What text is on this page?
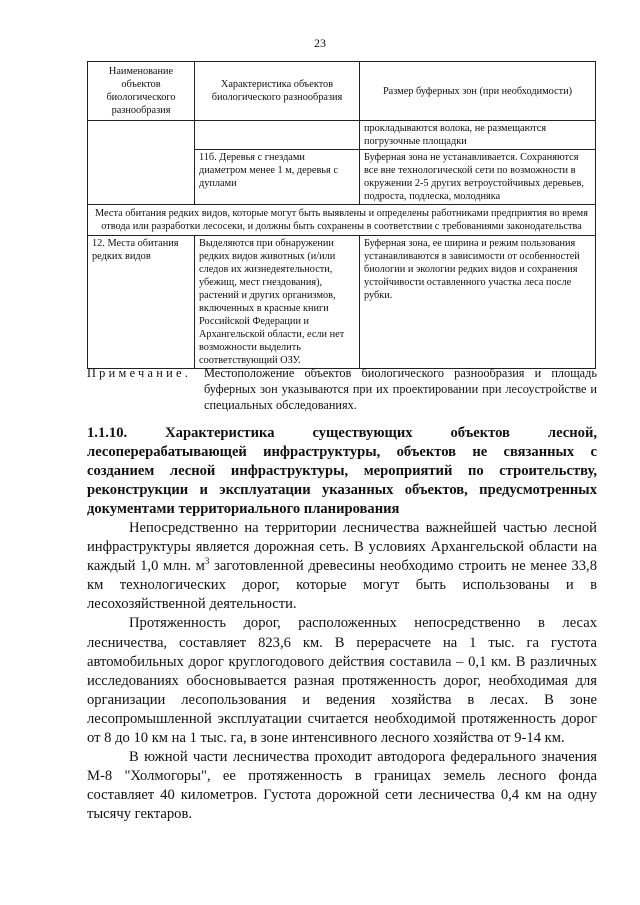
23
Наименование объектов биологического разнообразия	Характеристика объектов биологического разнообразия	Размер буферных зон (при необходимости)
		прокладываются волока, не размещаются погрузочные площадки
	11б. Деревья с гнездами диаметром менее 1 м, деревья с дуплами	Буферная зона не устанавливается. Сохраняются все вне технологической сети по возможности в окружении 2-5 других ветроустойчивых деревьев, подроста, подлеска, молодняка
Места обитания редких видов, которые могут быть выявлены и определены работниками предприятия во время отвода или разработки лесосеки, и должны быть сохранены в соответствии с требованиями законодательства		
12. Места обитания редких видов	Выделяются при обнаружении редких видов животных (и/или следов их жизнедеятельности, убежищ, мест гнездования), растений и других организмов, включенных в красные книги Российской Федерации и Архангельской области, если нет возможности выделить соответствующий ОЗУ.	Буферная зона, ее ширина и режим пользования устанавливаются в зависимости от особенностей биологии и экологии редких видов и сохранения устойчивости оставленного участка леса после рубки.
Примечание. Местоположение объектов биологического разнообразия и площадь буферных зон указываются при их проектировании при лесоустройстве и специальных обследованиях.
1.1.10. Характеристика существующих объектов лесной,
лесоперерабатывающей инфраструктуры, объектов не связанных с
созданием лесной инфраструктуры, мероприятий по строительству,
реконструкции и эксплуатации указанных объектов, предусмотренных
документами территориального планирования

Непосредственно на территории лесничества важнейшей частью лесной инфраструктуры является дорожная сеть. В условиях Архангельской области на каждый 1,0 млн. $м^3$ заготовленной древесины необходимо строить не менее 33,8 км технологических дорог, которые могут быть использованы и в лесохозяйственной деятельности.

Протяженность дорог, расположенных непосредственно в лесах лесничества, составляет 823,6 км. В перерасчете на 1 тыс. га густота автомобильных дорог круглогодового действия составила – 0,1 км. В различных исследованиях обосновывается разная протяженность дорог, необходимая для организации лесопользования и ведения хозяйства в лесах. В зоне лесопромышленной эксплуатации считается необходимой протяженность дорог от 8 до 10 км на 1 тыс. га, в зоне интенсивного лесного хозяйства от 9-14 км.

В южной части лесничества проходит автодорога федерального значения М-8 "Холмогоры", ее протяженность в границах земель лесного фонда составляет 40 километров. Густота дорожной сети лесничества 0,4 км на одну тысячу гектаров.
